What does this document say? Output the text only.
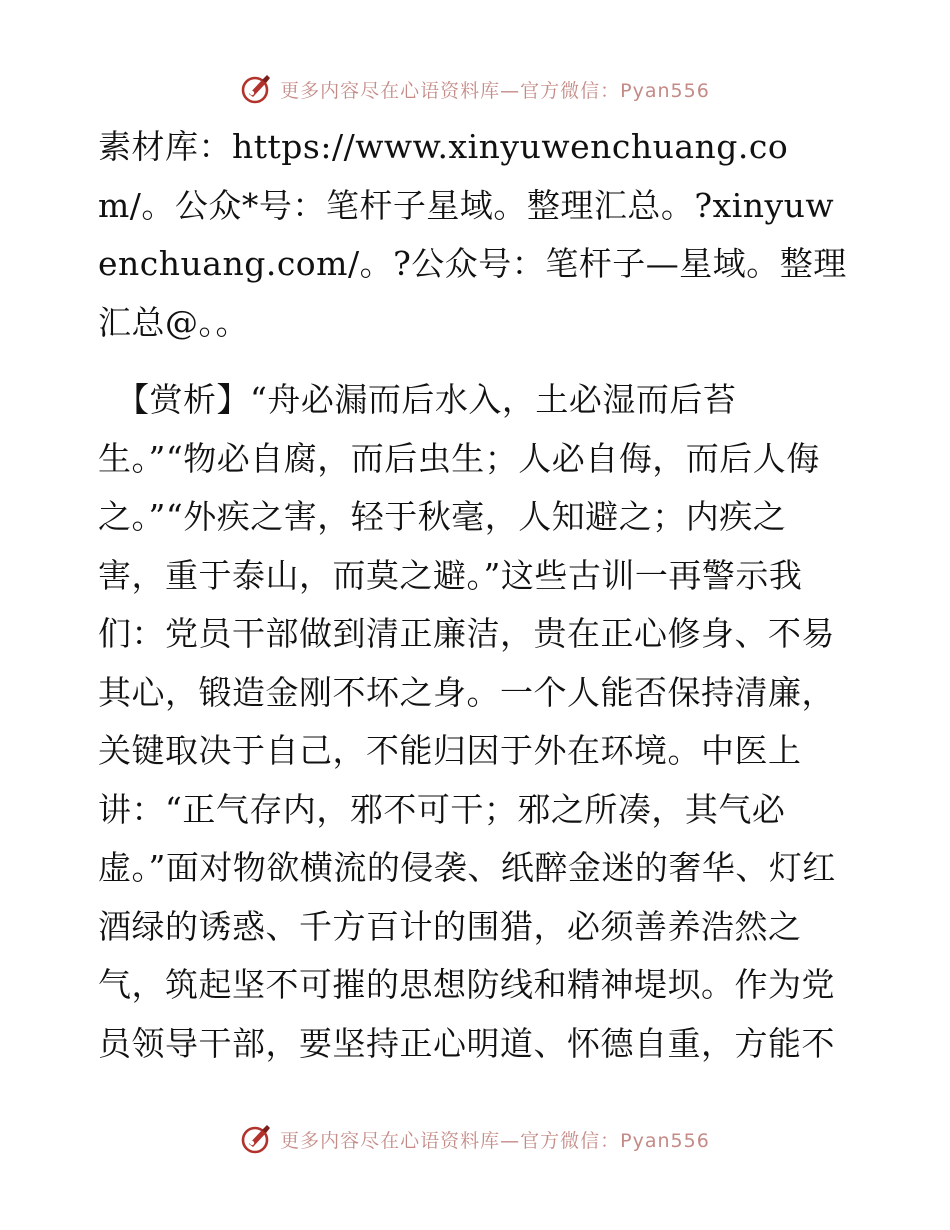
更多内容尽在心语资料库—官方微信：Pyan556

素材库：https://www.xinyuwenchuang.com/。公众*号：笔杆子星域。整理汇总。?xinyuwenchuang.com/。?公众号：笔杆子—星域。整理汇总@。。

【赏析】“舟必漏而后水入，土必湿而后苔生。”“物必自腐，而后虫生；人必自侮，而后人侮之。”“外疾之害，轻于秋毫，人知避之；内疾之害，重于泰山，而莫之避。”这些古训一再警示我们：党员干部做到清正廉洁，贵在正心修身、不易其心，锻造金刚不坏之身。一个人能否保持清廉，关键取决于自己，不能归因于外在环境。中医上讲：“正气存内，邪不可干；邪之所凑，其气必虚。”面对物欲横流的侵袭、纸醉金迷的奢华、灯红酒绿的诱惑、千方百计的围猎，必须善养浩然之气，筑起坚不可摧的思想防线和精神堤坝。作为党员领导干部，要坚持正心明道、怀德自重，方能不

更多内容尽在心语资料库—官方微信：Pyan556
